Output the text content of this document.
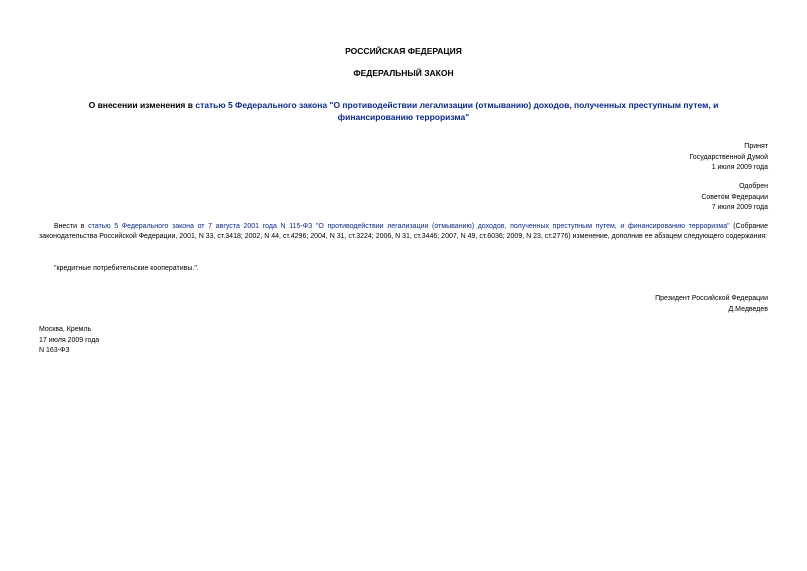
РОССИЙСКАЯ ФЕДЕРАЦИЯ
ФЕДЕРАЛЬНЫЙ ЗАКОН
О внесении изменения в статью 5 Федерального закона "О противодействии легализации (отмыванию) доходов, полученных преступным путем, и финансированию терроризма"
Принят
Государственной Думой
1 июля 2009 года
Одобрен
Советом Федерации
7 июля 2009 года
Внести в статью 5 Федерального закона от 7 августа 2001 года N 115-ФЗ "О противодействии легализации (отмыванию) доходов, полученных преступным путем, и финансированию терроризма" (Собрание законодательства Российской Федерации, 2001, N 33, ст.3418; 2002, N 44, ст.4296; 2004, N 31, ст.3224; 2006, N 31, ст.3446; 2007, N 49, ст.6036; 2009, N 23, ст.2776) изменение, дополнив ее абзацем следующего содержания:
"кредитные потребительские кооперативы.".
Президент Российской Федерации
Д.Медведев
Москва, Кремль
17 июля 2009 года
N 163-ФЗ
